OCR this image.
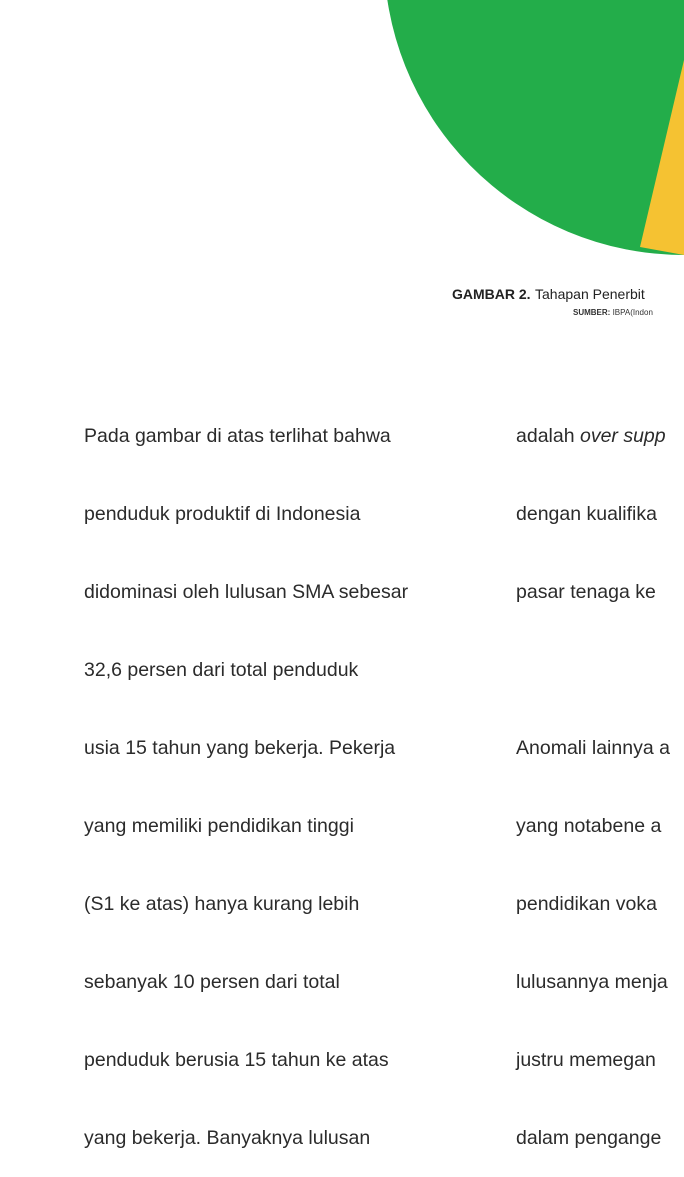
GAMBAR 2. Tahapan Penerbit
SUMBER: IBPA(Indon

Pada gambar di atas terlihat bahwa

penduduk produktif di Indonesia

didominasi oleh lulusan SMA sebesar

32,6 persen dari total penduduk

usia 15 tahun yang bekerja. Pekerja

yang memiliki pendidikan tinggi

(S1 ke atas) hanya kurang lebih

sebanyak 10 persen dari total

penduduk berusia 15 tahun ke atas

yang bekerja. Banyaknya lulusan

adalah over supp

dengan kualifika

pasar tenaga ke

Anomali lainnya a

yang notabene a

pendidikan voka

lulusannya menja

justru memegan

dalam pengange
